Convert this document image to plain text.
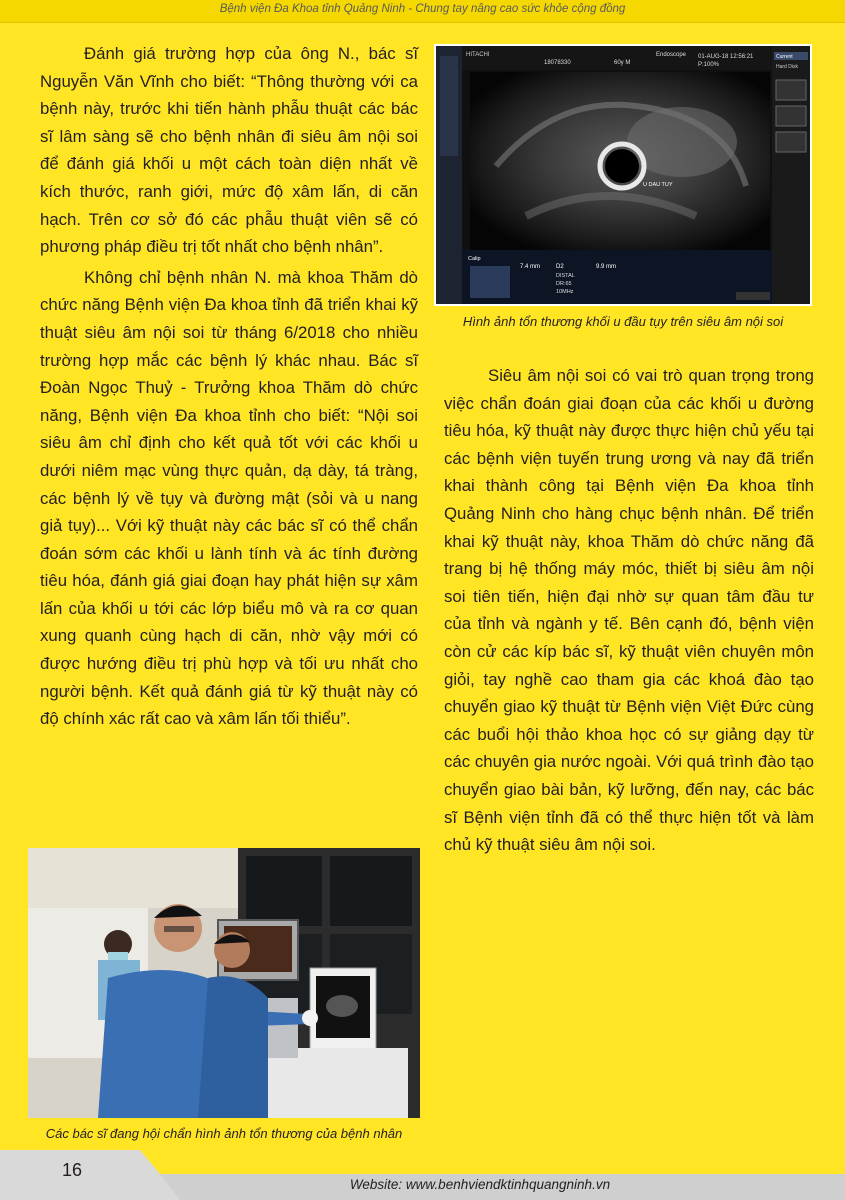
Bệnh viện Đa Khoa tỉnh Quảng Ninh - Chung tay nâng cao sức khỏe cộng đồng

Đánh giá trường hợp của ông N., bác sĩ Nguyễn Văn Vĩnh cho biết: “Thông thường với ca bệnh này, trước khi tiến hành phẫu thuật các bác sĩ lâm sàng sẽ cho bệnh nhân đi siêu âm nội soi để đánh giá khối u một cách toàn diện nhất về kích thước, ranh giới, mức độ xâm lấn, di căn hạch. Trên cơ sở đó các phẫu thuật viên sẽ có phương pháp điều trị tốt nhất cho bệnh nhân”.

Không chỉ bệnh nhân N. mà khoa Thăm dò chức năng Bệnh viện Đa khoa tỉnh đã triển khai kỹ thuật siêu âm nội soi từ tháng 6/2018 cho nhiều trường hợp mắc các bệnh lý khác nhau. Bác sĩ Đoàn Ngọc Thuỷ - Trưởng khoa Thăm dò chức năng, Bệnh viện Đa khoa tỉnh cho biết: “Nội soi siêu âm chỉ định cho kết quả tốt với các khối u dưới niêm mạc vùng thực quản, dạ dày, tá tràng, các bệnh lý về tụy và đường mật (sỏi và u nang giả tụy)... Với kỹ thuật này các bác sĩ có thể chẩn đoán sớm các khối u lành tính và ác tính đường tiêu hóa, đánh giá giai đoạn hay phát hiện sự xâm lấn của khối u tới các lớp biểu mô và ra cơ quan xung quanh cùng hạch di căn, nhờ vậy mới có được hướng điều trị phù hợp và tối ưu nhất cho người bệnh. Kết quả đánh giá từ kỹ thuật này có độ chính xác rất cao và xâm lấn tối thiểu”.

HITACHI
18078330	60y M
Endoscope 01-AUG-18 12:56:21
P:100%
Current
Hard Disk
U DAU TUY
Calip
7.4 mm	D2	9.9 mm
DISTAL
DR:65
10MHz
Hình ảnh tổn thương khối u đầu tụy trên siêu âm nội soi

Siêu âm nội soi có vai trò quan trọng trong việc chẩn đoán giai đoạn của các khối u đường tiêu hóa, kỹ thuật này được thực hiện chủ yếu tại các bệnh viện tuyến trung ương và nay đã triển khai thành công tại Bệnh viện Đa khoa tỉnh Quảng Ninh cho hàng chục bệnh nhân. Để triển khai kỹ thuật này, khoa Thăm dò chức năng đã trang bị hệ thống máy móc, thiết bị siêu âm nội soi tiên tiến, hiện đại nhờ sự quan tâm đầu tư của tỉnh và ngành y tế. Bên cạnh đó, bệnh viện còn cử các kíp bác sĩ, kỹ thuật viên chuyên môn giỏi, tay nghề cao tham gia các khoá đào tạo chuyển giao kỹ thuật từ Bệnh viện Việt Đức cùng các buổi hội thảo khoa học có sự giảng dạy từ các chuyên gia nước ngoài. Với quá trình đào tạo chuyển giao bài bản, kỹ lưỡng, đến nay, các bác sĩ Bệnh viện tỉnh đã có thể thực hiện tốt và làm chủ kỹ thuật siêu âm nội soi.

Các bác sĩ đang hội chẩn hình ảnh tổn thương của bệnh nhân
16
Website: www.benhviendktinhquangninh.vn
